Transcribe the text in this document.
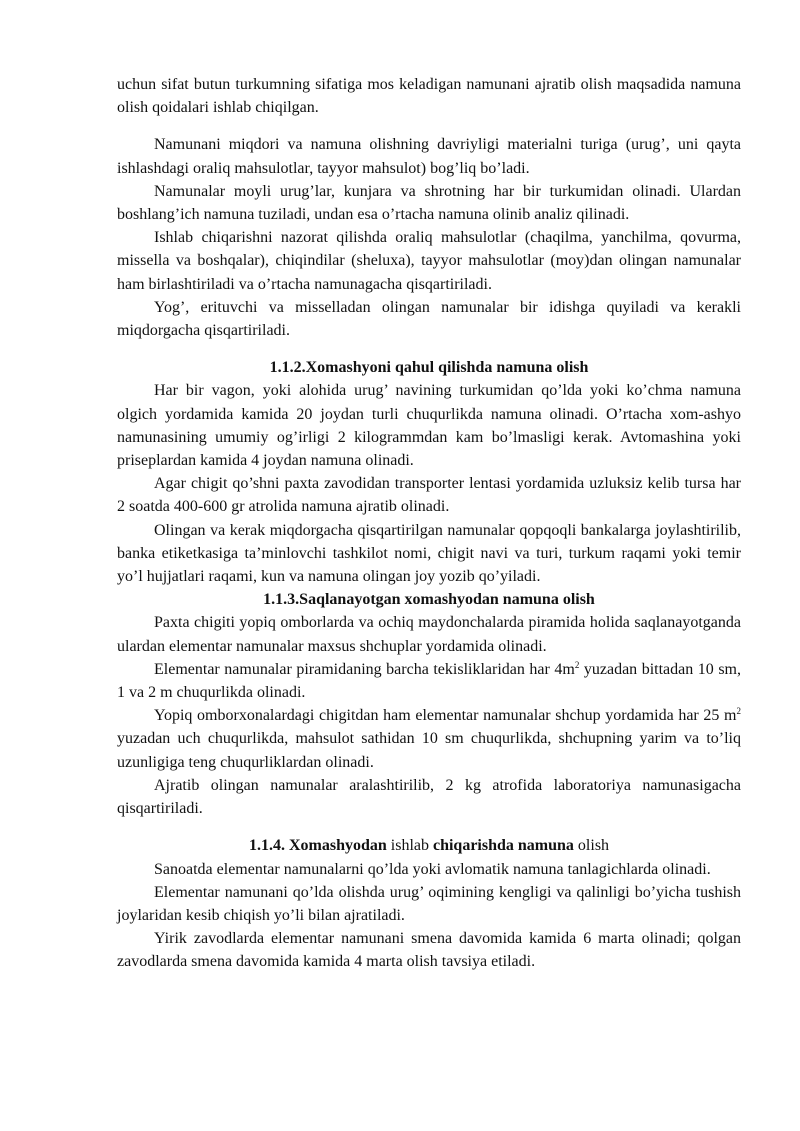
uchun sifat butun turkumning sifatiga mos keladigan namunani ajratib olish maqsadida namuna olish qoidalari ishlab chiqilgan.

Namunani miqdori va namuna olishning davriyligi materialni turiga (urug’, uni qayta ishlashdagi oraliq mahsulotlar, tayyor mahsulot) bog’liq bo’ladi.

Namunalar moyli urug’lar, kunjara va shrotning har bir turkumidan olinadi. Ulardan boshlang’ich namuna tuziladi, undan esa o’rtacha namuna olinib analiz qilinadi.

Ishlab chiqarishni nazorat qilishda oraliq mahsulotlar (chaqilma, yanchilma, qovurma, missella va boshqalar), chiqindilar (sheluxa), tayyor mahsulotlar (moy)dan olingan namunalar ham birlashtiriladi va o’rtacha namunagacha qisqartiriladi.

Yog’, erituvchi va misselladan olingan namunalar bir idishga quyiladi va kerakli miqdorgacha qisqartiriladi.

1.1.2.Xomashyoni qahul qilishda namuna olish

Har bir vagon, yoki alohida urug’ navining turkumidan qo’lda yoki ko’chma namuna olgich yordamida kamida 20 joydan turli chuqurlikda namuna olinadi. O’rtacha xom-ashyo namunasining umumiy og’irligi 2 kilogrammdan kam bo’lmasligi kerak. Avtomashina yoki priseplardan kamida 4 joydan namuna olinadi.

Agar chigit qo’shni paxta zavodidan transporter lentasi yordamida uzluksiz kelib tursa har 2 soatda 400-600 gr atrolida namuna ajratib olinadi.

Olingan va kerak miqdorgacha qisqartirilgan namunalar qopqoqli bankalarga joylashtirilib, banka etiketkasiga ta’minlovchi tashkilot nomi, chigit navi va turi, turkum raqami yoki temir yo’l hujjatlari raqami, kun va namuna olingan joy yozib qo’yiladi.

1.1.3.Saqlanayotgan xomashyodan namuna olish

Paxta chigiti yopiq omborlarda va ochiq maydonchalarda piramida holida saqlanayotganda ulardan elementar namunalar maxsus shchuplar yordamida olinadi.

Elementar namunalar piramidaning barcha tekisliklaridan har $4m^2$ yuzadan bittadan 10 sm, 1 va 2 m chuqurlikda olinadi.

Yopiq omborxonalardagi chigitdan ham elementar namunalar shchup yordamida har 25 $m^2$ yuzadan uch chuqurlikda, mahsulot sathidan 10 sm chuqurlikda, shchupning yarim va to’liq uzunligiga teng chuqurliklardan olinadi.

Ajratib olingan namunalar aralashtirilib, 2 kg atrofida laboratoriya namunasigacha qisqartiriladi.

1.1.4. Xomashyodan ishlab chiqarishda namuna olish

Sanoatda elementar namunalarni qo’lda yoki avlomatik namuna tanlagichlarda olinadi.

Elementar namunani qo’lda olishda urug’ oqimining kengligi va qalinligi bo’yicha tushish joylaridan kesib chiqish yo’li bilan ajratiladi.

Yirik zavodlarda elementar namunani smena davomida kamida 6 marta olinadi; qolgan zavodlarda smena davomida kamida 4 marta olish tavsiya etiladi.
